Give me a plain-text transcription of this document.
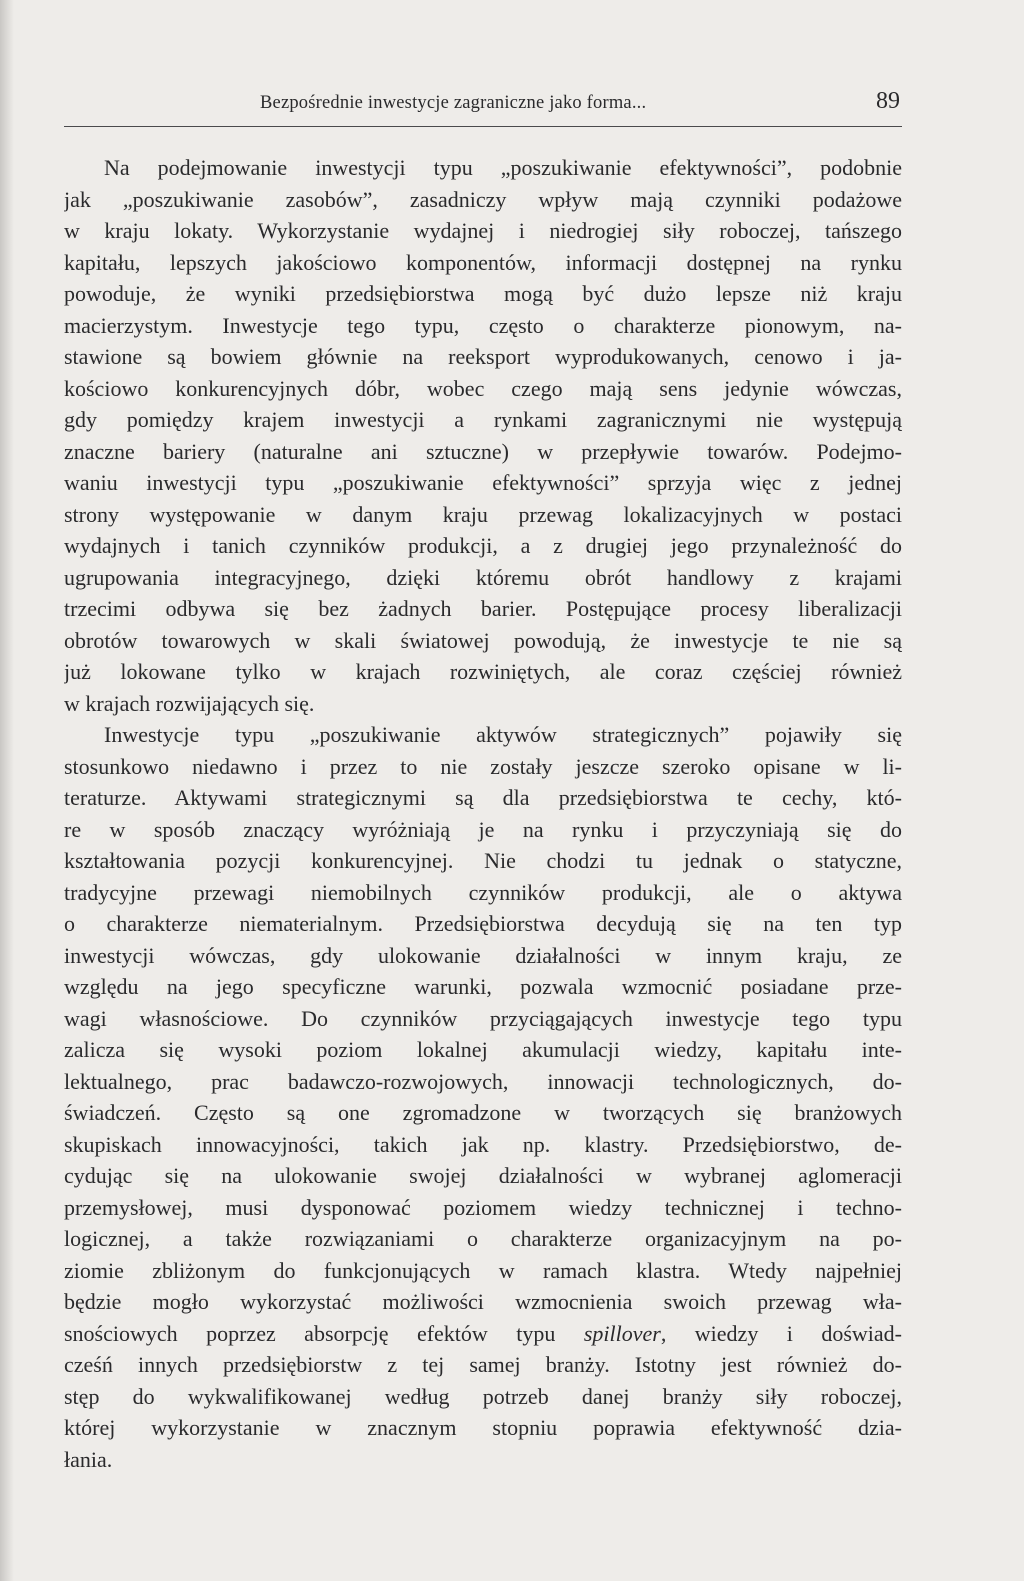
Bezpośrednie inwestycje zagraniczne jako forma...	89
Na podejmowanie inwestycji typu „poszukiwanie efektywności”, podobnie
jak „poszukiwanie zasobów”, zasadniczy wpływ mają czynniki podażowe
w kraju lokaty. Wykorzystanie wydajnej i niedrogiej siły roboczej, tańszego
kapitału, lepszych jakościowo komponentów, informacji dostępnej na rynku
powoduje, że wyniki przedsiębiorstwa mogą być dużo lepsze niż kraju
macierzystym. Inwestycje tego typu, często o charakterze pionowym, na-
stawione są bowiem głównie na reeksport wyprodukowanych, cenowo i ja-
kościowo konkurencyjnych dóbr, wobec czego mają sens jedynie wówczas,
gdy pomiędzy krajem inwestycji a rynkami zagranicznymi nie występują
znaczne bariery (naturalne ani sztuczne) w przepływie towarów. Podejmo-
waniu inwestycji typu „poszukiwanie efektywności” sprzyja więc z jednej
strony występowanie w danym kraju przewag lokalizacyjnych w postaci
wydajnych i tanich czynników produkcji, a z drugiej jego przynależność do
ugrupowania integracyjnego, dzięki któremu obrót handlowy z krajami
trzecimi odbywa się bez żadnych barier. Postępujące procesy liberalizacji
obrotów towarowych w skali światowej powodują, że inwestycje te nie są
już lokowane tylko w krajach rozwiniętych, ale coraz częściej również
w krajach rozwijających się.
Inwestycje typu „poszukiwanie aktywów strategicznych” pojawiły się
stosunkowo niedawno i przez to nie zostały jeszcze szeroko opisane w li-
teraturze. Aktywami strategicznymi są dla przedsiębiorstwa te cechy, któ-
re w sposób znaczący wyróżniają je na rynku i przyczyniają się do
kształtowania pozycji konkurencyjnej. Nie chodzi tu jednak o statyczne,
tradycyjne przewagi niemobilnych czynników produkcji, ale o aktywa
o charakterze niematerialnym. Przedsiębiorstwa decydują się na ten typ
inwestycji wówczas, gdy ulokowanie działalności w innym kraju, ze
względu na jego specyficzne warunki, pozwala wzmocnić posiadane prze-
wagi własnościowe. Do czynników przyciągających inwestycje tego typu
zalicza się wysoki poziom lokalnej akumulacji wiedzy, kapitału inte-
lektualnego, prac badawczo-rozwojowych, innowacji technologicznych, do-
świadczeń. Często są one zgromadzone w tworzących się branżowych
skupiskach innowacyjności, takich jak np. klastry. Przedsiębiorstwo, de-
cydując się na ulokowanie swojej działalności w wybranej aglomeracji
przemysłowej, musi dysponować poziomem wiedzy technicznej i techno-
logicznej, a także rozwiązaniami o charakterze organizacyjnym na po-
ziomie zbliżonym do funkcjonujących w ramach klastra. Wtedy najpełniej
będzie mogło wykorzystać możliwości wzmocnienia swoich przewag wła-
snościowych poprzez absorpcję efektów typu spillover, wiedzy i doświad-
cześń innych przedsiębiorstw z tej samej branży. Istotny jest również do-
stęp do wykwalifikowanej według potrzeb danej branży siły roboczej,
której wykorzystanie w znacznym stopniu poprawia efektywność dzia-
łania.
